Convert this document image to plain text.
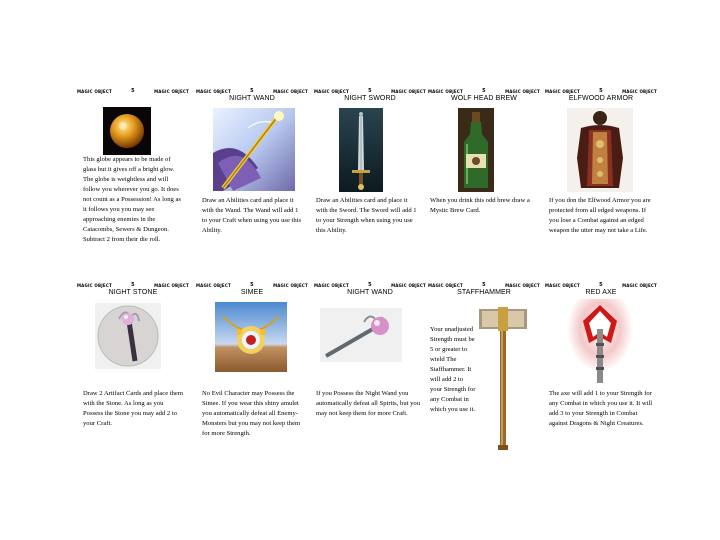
MAGIC OBJECT	5	MAGIC OBJECT

This globe appears to be made of glass but it gives off a bright glow. The globe is weightless and will follow you wherever you go. It does not count as a Possession! As long as it follows you you may see approaching enemies in the Catacombs, Sewers & Dungeon. Subtract 2 from their die roll.

MAGIC OBJECT	5	MAGIC OBJECT
NIGHT WAND

Draw an Abilities card and place it with the Wand. The Wand will add 1 to your Craft when using you use this Ability.

MAGIC OBJECT	5	MAGIC OBJECT
NIGHT SWORD

Draw an Abilities card and place it with the Sword. The Sword will add 1 to your Strength when using you use this Ability.

MAGIC OBJECT	5	MAGIC OBJECT
WOLF HEAD BREW

When you drink this odd brew draw a Mystic Brew Card.

MAGIC OBJECT	5	MAGIC OBJECT
ELFWOOD ARMOR

If you don the Elfwood Armor you are protected from all edged weapons. If you lose a Combat against an edged weapon the utter may not take a Life.

MAGIC OBJECT	5	MAGIC OBJECT
NIGHT STONE

Draw 2 Artifact Cards and place them with the Stone. As long as you Possess the Stone you may add 2 to your Craft.

MAGIC OBJECT	5	MAGIC OBJECT
SIMEE

No Evil Character may Possess the Simee. If you wear this shiny amulet you automatically defeat all Enemy-Monsters but you may not keep them for more Strength.

MAGIC OBJECT	5	MAGIC OBJECT
NIGHT WAND

If you Possess the Night Wand you automatically defeat all Spirits, but you may not keep them for more Craft.

MAGIC OBJECT	5	MAGIC OBJECT
STAFFHAMMER

Your unadjusted Strength must be 5 or greater to wield The Staffhammer. It will add 2 to your Strength for any Combat in which you use it.

MAGIC OBJECT	5	MAGIC OBJECT
RED AXE

The axe will add 1 to your Strength for any Combat in which you use it. It will add 3 to your Strength in Combat against Dragons & Night Creatures.
